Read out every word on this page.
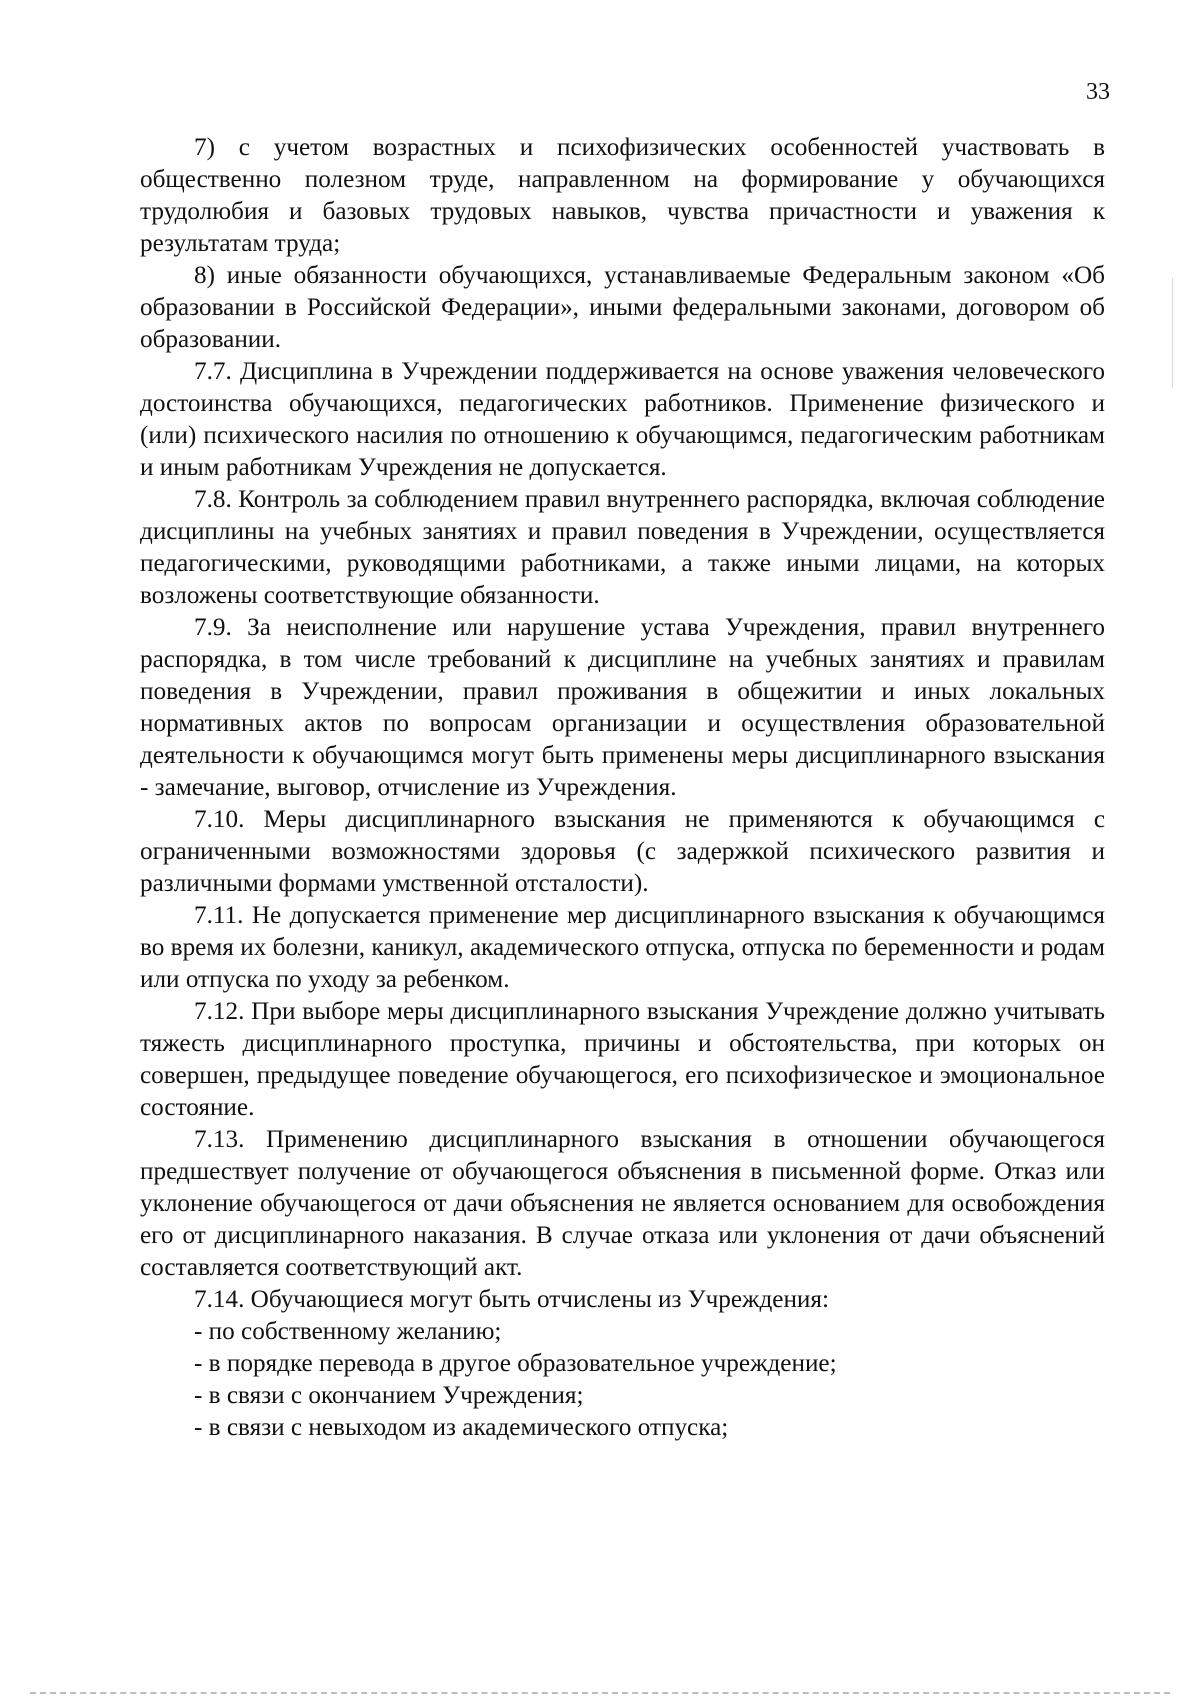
33

7) с учетом возрастных и психофизических особенностей участвовать в общественно полезном труде, направленном на формирование у обучающихся трудолюбия и базовых трудовых навыков, чувства причастности и уважения к результатам труда;

8) иные обязанности обучающихся, устанавливаемые Федеральным законом «Об образовании в Российской Федерации», иными федеральными законами, договором об образовании.

7.7. Дисциплина в Учреждении поддерживается на основе уважения человеческого достоинства обучающихся, педагогических работников. Применение физического и (или) психического насилия по отношению к обучающимся, педагогическим работникам и иным работникам Учреждения не допускается.

7.8. Контроль за соблюдением правил внутреннего распорядка, включая соблюдение дисциплины на учебных занятиях и правил поведения в Учреждении, осуществляется педагогическими, руководящими работниками, а также иными лицами, на которых возложены соответствующие обязанности.

7.9. За неисполнение или нарушение устава Учреждения, правил внутреннего распорядка, в том числе требований к дисциплине на учебных занятиях и правилам поведения в Учреждении, правил проживания в общежитии и иных локальных нормативных актов по вопросам организации и осуществления образовательной деятельности к обучающимся могут быть применены меры дисциплинарного взыскания - замечание, выговор, отчисление из Учреждения.

7.10. Меры дисциплинарного взыскания не применяются к обучающимся с ограниченными возможностями здоровья (с задержкой психического развития и различными формами умственной отсталости).

7.11. Не допускается применение мер дисциплинарного взыскания к обучающимся во время их болезни, каникул, академического отпуска, отпуска по беременности и родам или отпуска по уходу за ребенком.

7.12. При выборе меры дисциплинарного взыскания Учреждение должно учитывать тяжесть дисциплинарного проступка, причины и обстоятельства, при которых он совершен, предыдущее поведение обучающегося, его психофизическое и эмоциональное состояние.

7.13. Применению дисциплинарного взыскания в отношении обучающегося предшествует получение от обучающегося объяснения в письменной форме. Отказ или уклонение обучающегося от дачи объяснения не является основанием для освобождения его от дисциплинарного наказания. В случае отказа или уклонения от дачи объяснений составляется соответствующий акт.

7.14. Обучающиеся могут быть отчислены из Учреждения:

- по собственному желанию;

- в порядке перевода в другое образовательное учреждение;

- в связи с окончанием Учреждения;

- в связи с невыходом из академического отпуска;
